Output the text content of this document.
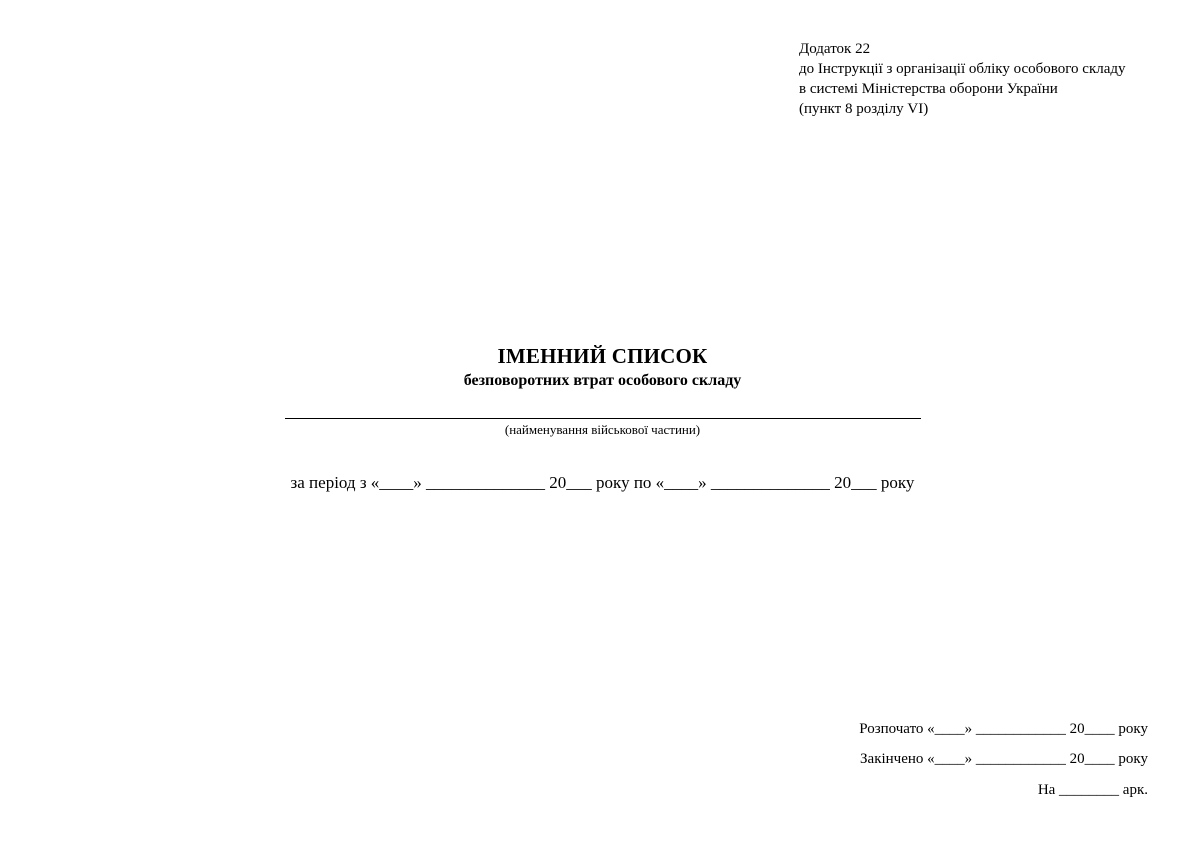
Додаток 22
до Інструкції з організації обліку особового складу
в системі Міністерства оборони України
(пункт 8 розділу VI)
ІМЕННИЙ СПИСОК
безповоротних втрат особового складу
(найменування військової частини)
за період з «____» ______________ 20___ року по «____» ______________ 20___ року
Розпочато «____» ____________ 20____ року
Закінчено «____» ____________ 20____ року
На ________ арк.
